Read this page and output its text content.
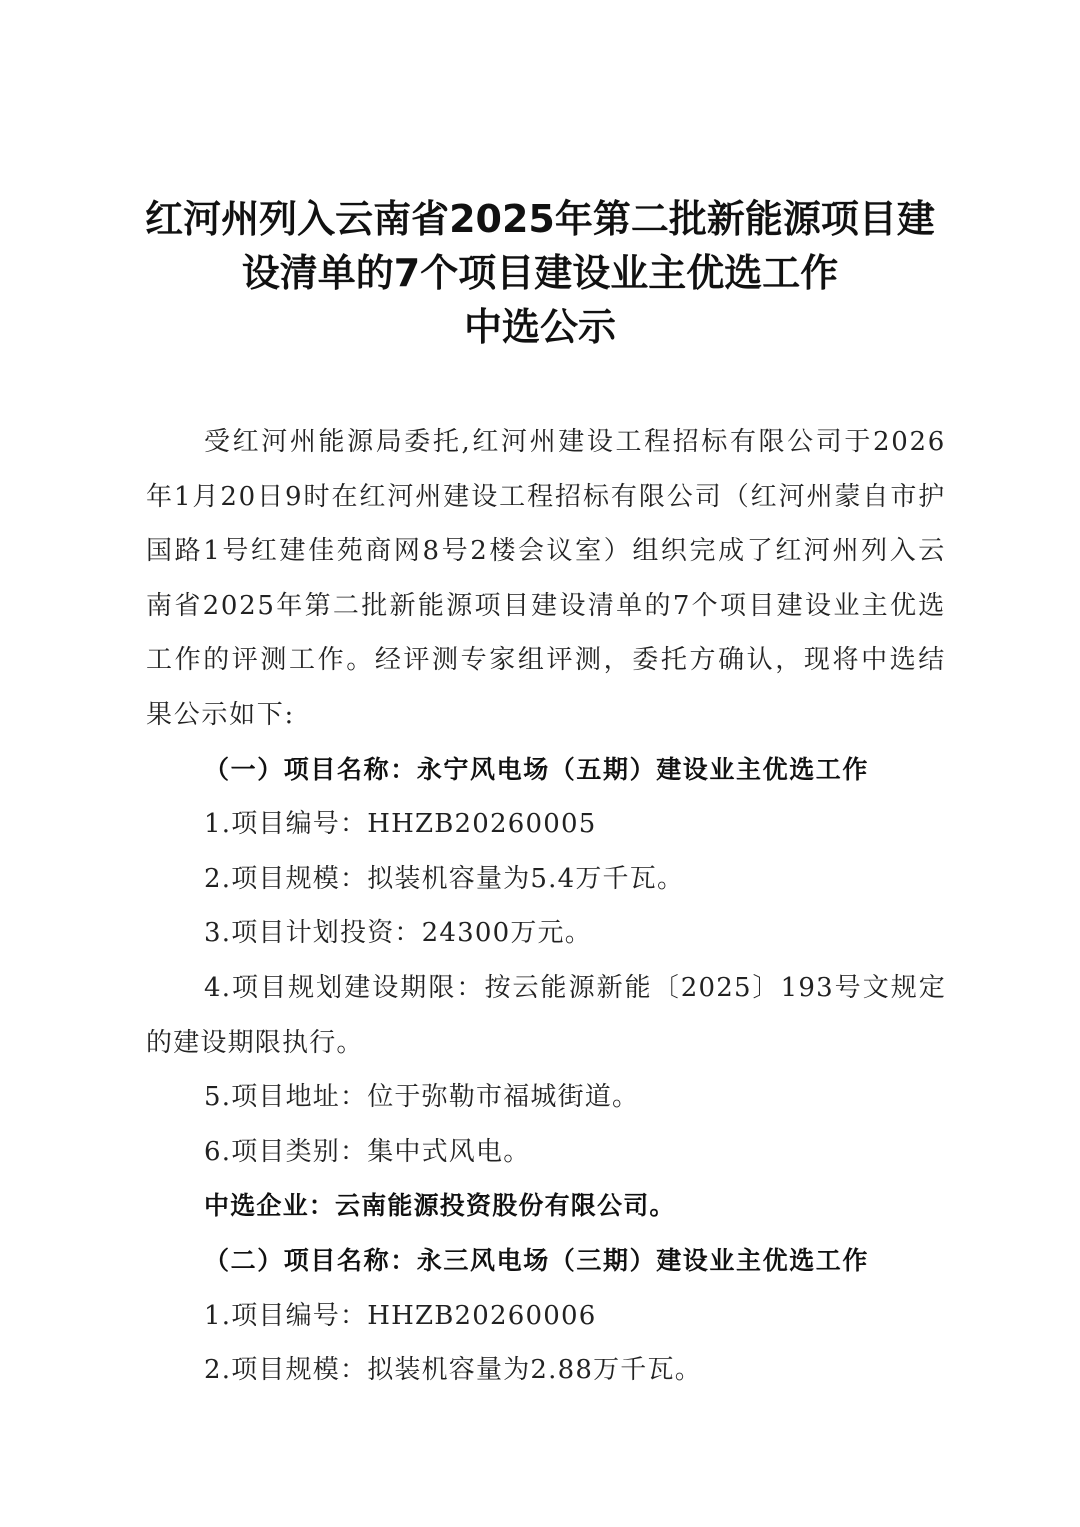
红河州列入云南省2025年第二批新能源项目建
设清单的7个项目建设业主优选工作
中选公示

受红河州能源局委托,红河州建设工程招标有限公司于2026年1月20日9时在红河州建设工程招标有限公司（红河州蒙自市护国路1号红建佳苑商网8号2楼会议室）组织完成了红河州列入云南省2025年第二批新能源项目建设清单的7个项目建设业主优选工作的评测工作。经评测专家组评测，委托方确认，现将中选结果公示如下:

（一）项目名称：永宁风电场（五期）建设业主优选工作

1.项目编号：HHZB20260005

2.项目规模：拟装机容量为5.4万千瓦。

3.项目计划投资：24300万元。

4.项目规划建设期限：按云能源新能〔2025〕193号文规定的建设期限执行。

5.项目地址：位于弥勒市福城街道。

6.项目类别：集中式风电。

中选企业：云南能源投资股份有限公司。

（二）项目名称：永三风电场（三期）建设业主优选工作

1.项目编号：HHZB20260006

2.项目规模：拟装机容量为2.88万千瓦。
